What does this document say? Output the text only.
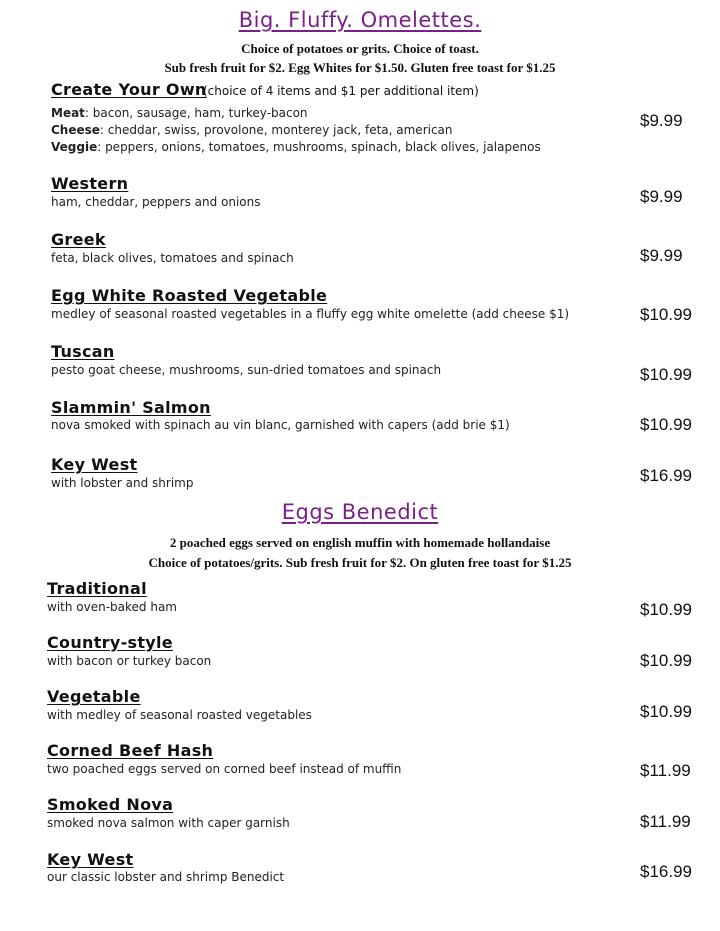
Big. Fluffy. Omelettes.
Choice of potatoes or grits. Choice of toast.
Sub fresh fruit for $2. Egg Whites for $1.50. Gluten free toast for $1.25
Create Your Own
(choice of 4 items and $1 per additional item)
Meat: bacon, sausage, ham, turkey-bacon
Cheese: cheddar, swiss, provolone, monterey jack, feta, american
Veggie: peppers, onions, tomatoes, mushrooms, spinach, black olives, jalapenos
$9.99
Western
ham, cheddar, peppers and onions	$9.99
Greek
feta, black olives, tomatoes and spinach	$9.99
Egg White Roasted Vegetable
medley of seasonal roasted vegetables in a fluffy egg white omelette (add cheese $1)	$10.99
Tuscan
pesto goat cheese, mushrooms, sun-dried tomatoes and spinach	$10.99
Slammin' Salmon
nova smoked with spinach au vin blanc, garnished with capers (add brie $1)	$10.99
Key West
with lobster and shrimp	$16.99
Eggs Benedict
2 poached eggs served on english muffin with homemade hollandaise
Choice of potatoes/grits. Sub fresh fruit for $2. On gluten free toast for $1.25
Traditional
with oven-baked ham	$10.99
Country-style
with bacon or turkey bacon	$10.99
Vegetable
with medley of seasonal roasted vegetables	$10.99
Corned Beef Hash
two poached eggs served on corned beef instead of muffin	$11.99
Smoked Nova
smoked nova salmon with caper garnish	$11.99
Key West
our classic lobster and shrimp Benedict	$16.99
